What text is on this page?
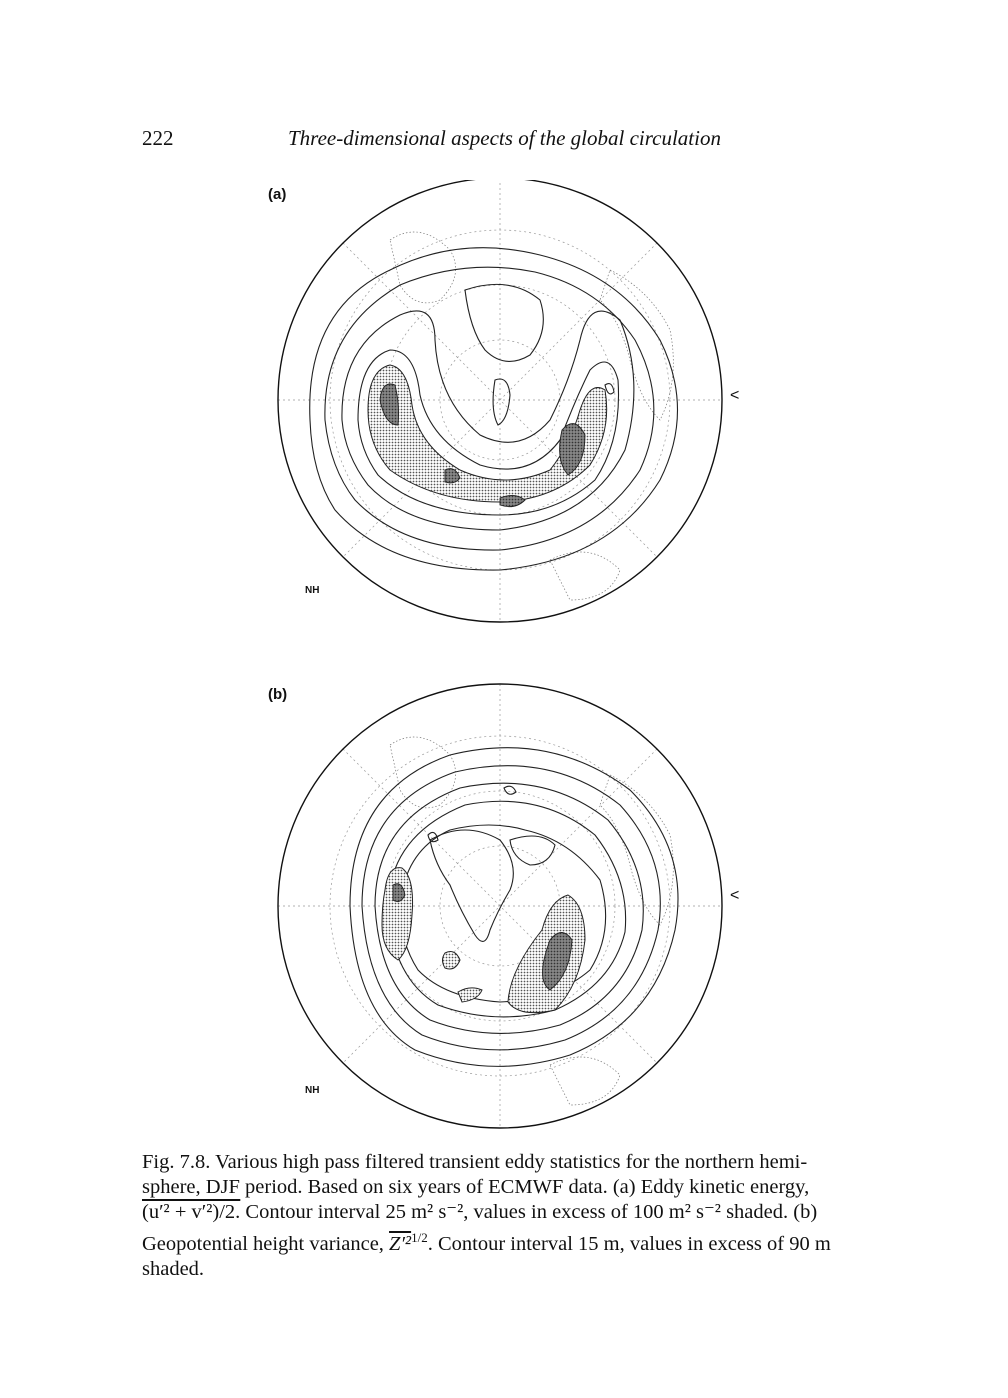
222	Three-dimensional aspects of the global circulation
(a)
<
NH
(b)
<
NH

Fig. 7.8. Various high pass filtered transient eddy statistics for the northern hemi-
sphere, DJF period. Based on six years of ECMWF data. (a) Eddy kinetic energy,
(u′² + v′²)/2. Contour interval 25 m² s⁻², values in excess of 100 m² s⁻² shaded. (b)
Geopotential height variance, Z′²$^{1/2}$. Contour interval 15 m, values in excess of 90 m
shaded.
